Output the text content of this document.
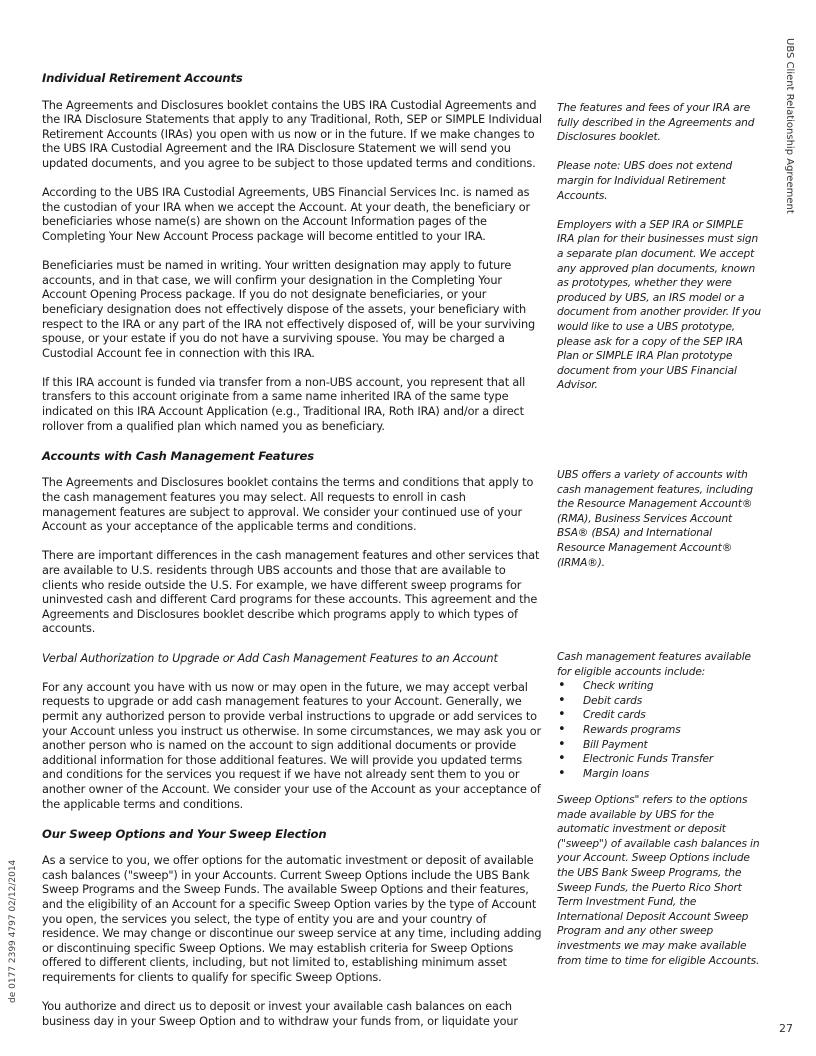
UBS Client Relationship Agreement
Individual Retirement Accounts
The Agreements and Disclosures booklet contains the UBS IRA Custodial Agreements and the IRA Disclosure Statements that apply to any Traditional, Roth, SEP or SIMPLE Individual Retirement Accounts (IRAs) you open with us now or in the future. If we make changes to the UBS IRA Custodial Agreement and the IRA Disclosure Statement we will send you updated documents, and you agree to be subject to those updated terms and conditions.
According to the UBS IRA Custodial Agreements, UBS Financial Services Inc. is named as the custodian of your IRA when we accept the Account. At your death, the beneficiary or beneficiaries whose name(s) are shown on the Account Information pages of the Completing Your New Account Process package will become entitled to your IRA.
Beneficiaries must be named in writing. Your written designation may apply to future accounts, and in that case, we will confirm your designation in the Completing Your Account Opening Process package. If you do not designate beneficiaries, or your beneficiary designation does not effectively dispose of the assets, your beneficiary with respect to the IRA or any part of the IRA not effectively disposed of, will be your surviving spouse, or your estate if you do not have a surviving spouse. You may be charged a Custodial Account fee in connection with this IRA.
If this IRA account is funded via transfer from a non-UBS account, you represent that all transfers to this account originate from a same name inherited IRA of the same type indicated on this IRA Account Application (e.g., Traditional IRA, Roth IRA) and/or a direct rollover from a qualified plan which named you as beneficiary.
Accounts with Cash Management Features
The Agreements and Disclosures booklet contains the terms and conditions that apply to the cash management features you may select. All requests to enroll in cash management features are subject to approval. We consider your continued use of your Account as your acceptance of the applicable terms and conditions.
There are important differences in the cash management features and other services that are available to U.S. residents through UBS accounts and those that are available to clients who reside outside the U.S. For example, we have different sweep programs for uninvested cash and different Card programs for these accounts. This agreement and the Agreements and Disclosures booklet describe which programs apply to which types of accounts.
Verbal Authorization to Upgrade or Add Cash Management Features to an Account
For any account you have with us now or may open in the future, we may accept verbal requests to upgrade or add cash management features to your Account. Generally, we permit any authorized person to provide verbal instructions to upgrade or add services to your Account unless you instruct us otherwise. In some circumstances, we may ask you or another person who is named on the account to sign additional documents or provide additional information for those additional features. We will provide you updated terms and conditions for the services you request if we have not already sent them to you or another owner of the Account. We consider your use of the Account as your acceptance of the applicable terms and conditions.
Our Sweep Options and Your Sweep Election
As a service to you, we offer options for the automatic investment or deposit of available cash balances ("sweep") in your Accounts. Current Sweep Options include the UBS Bank Sweep Programs and the Sweep Funds. The available Sweep Options and their features, and the eligibility of an Account for a specific Sweep Option varies by the type of Account you open, the services you select, the type of entity you are and your country of residence. We may change or discontinue our sweep service at any time, including adding or discontinuing specific Sweep Options. We may establish criteria for Sweep Options offered to different clients, including, but not limited to, establishing minimum asset requirements for clients to qualify for specific Sweep Options.
You authorize and direct us to deposit or invest your available cash balances on each business day in your Sweep Option and to withdraw your funds from, or liquidate your
The features and fees of your IRA are fully described in the Agreements and Disclosures booklet.
Please note: UBS does not extend margin for Individual Retirement Accounts.
Employers with a SEP IRA or SIMPLE IRA plan for their businesses must sign a separate plan document. We accept any approved plan documents, known as prototypes, whether they were produced by UBS, an IRS model or a document from another provider. If you would like to use a UBS prototype, please ask for a copy of the SEP IRA Plan or SIMPLE IRA Plan prototype document from your UBS Financial Advisor.
UBS offers a variety of accounts with cash management features, including the Resource Management Account® (RMA), Business Services Account BSA® (BSA) and International Resource Management Account® (IRMA®).
Cash management features available for eligible accounts include:
• Check writing
• Debit cards
• Credit cards
• Rewards programs
• Bill Payment
• Electronic Funds Transfer
• Margin loans
Sweep Options" refers to the options made available by UBS for the automatic investment or deposit ("sweep") of available cash balances in your Account. Sweep Options include the UBS Bank Sweep Programs, the Sweep Funds, the Puerto Rico Short Term Investment Fund, the International Deposit Account Sweep Program and any other sweep investments we may make available from time to time for eligible Accounts.
de 0177 2399 4797 02/12/2014
27
